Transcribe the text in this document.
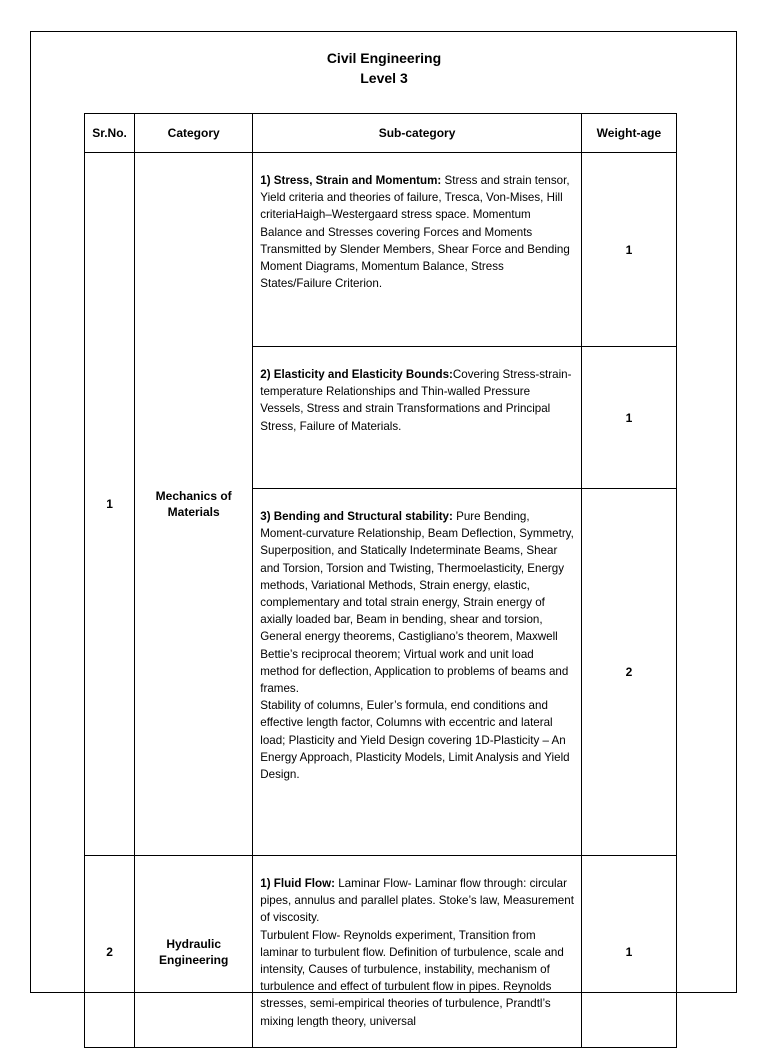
Civil Engineering
Level 3
Sr.No.	Category	Sub-category	Weight-age
1	Mechanics of Materials	1) Stress, Strain and Momentum: Stress and strain tensor, Yield criteria and theories of failure, Tresca, Von-Mises, Hill criteriaHaigh–Westergaard stress space. Momentum Balance and Stresses covering Forces and Moments Transmitted by Slender Members, Shear Force and Bending Moment Diagrams, Momentum Balance, Stress States/Failure Criterion.	1

		2) Elasticity and Elasticity Bounds:Covering Stress-strain-temperature Relationships and Thin-walled Pressure Vessels, Stress and strain Transformations and Principal Stress, Failure of Materials.	1

		3) Bending and Structural stability: Pure Bending, Moment-curvature Relationship, Beam Deflection, Symmetry, Superposition, and Statically Indeterminate Beams, Shear and Torsion, Torsion and Twisting, Thermoelasticity, Energy methods, Variational Methods, Strain energy, elastic, complementary and total strain energy, Strain energy of axially loaded bar, Beam in bending, shear and torsion, General energy theorems, Castigliano’s theorem, Maxwell Bettie’s reciprocal theorem; Virtual work and unit load method for deflection, Application to problems of beams and frames.

Stability of columns, Euler’s formula, end conditions and effective length factor, Columns with eccentric and lateral load; Plasticity and Yield Design covering 1D-Plasticity – An Energy Approach, Plasticity Models, Limit Analysis and Yield Design.	2
2	Hydraulic Engineering	1) Fluid Flow: Laminar Flow- Laminar flow through: circular pipes, annulus and parallel plates. Stoke’s law, Measurement of viscosity.

Turbulent Flow- Reynolds experiment, Transition from laminar to turbulent flow. Definition of turbulence, scale and intensity, Causes of turbulence, instability, mechanism of turbulence and effect of turbulent flow in pipes. Reynolds stresses, semi-empirical theories of turbulence, Prandtl’s mixing length theory, universal	1
